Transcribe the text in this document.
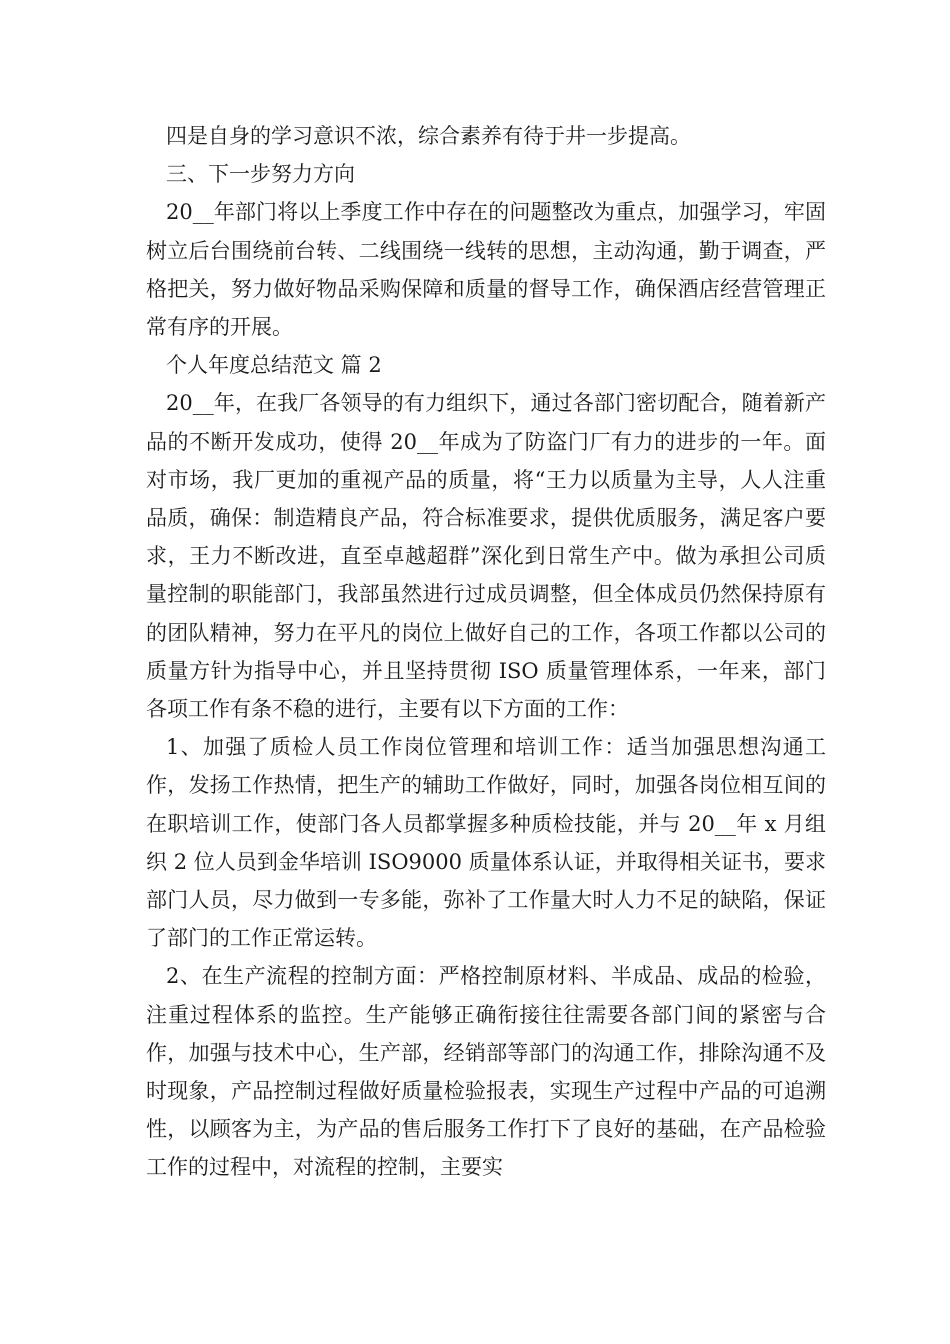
四是自身的学习意识不浓，综合素养有待于井一步提高。

三、下一步努力方向

20__年部门将以上季度工作中存在的问题整改为重点，加强学习，牢固树立后台围绕前台转、二线围绕一线转的思想，主动沟通，勤于调查，严格把关，努力做好物品采购保障和质量的督导工作，确保酒店经营管理正常有序的开展。

个人年度总结范文 篇 2

20__年，在我厂各领导的有力组织下，通过各部门密切配合，随着新产品的不断开发成功，使得 20__年成为了防盗门厂有力的进步的一年。面对市场，我厂更加的重视产品的质量，将“王力以质量为主导，人人注重品质，确保：制造精良产品，符合标准要求，提供优质服务，满足客户要求，王力不断改进，直至卓越超群”深化到日常生产中。做为承担公司质量控制的职能部门，我部虽然进行过成员调整，但全体成员仍然保持原有的团队精神，努力在平凡的岗位上做好自己的工作，各项工作都以公司的质量方针为指导中心，并且坚持贯彻 ISO 质量管理体系，一年来，部门各项工作有条不稳的进行，主要有以下方面的工作：

1、加强了质检人员工作岗位管理和培训工作：适当加强思想沟通工作，发扬工作热情，把生产的辅助工作做好，同时，加强各岗位相互间的在职培训工作，使部门各人员都掌握多种质检技能，并与 20__年 x 月组织 2 位人员到金华培训 ISO9000 质量体系认证，并取得相关证书，要求部门人员，尽力做到一专多能，弥补了工作量大时人力不足的缺陷，保证了部门的工作正常运转。

2、在生产流程的控制方面：严格控制原材料、半成品、成品的检验，注重过程体系的监控。生产能够正确衔接往往需要各部门间的紧密与合作，加强与技术中心，生产部，经销部等部门的沟通工作，排除沟通不及时现象，产品控制过程做好质量检验报表，实现生产过程中产品的可追溯性，以顾客为主，为产品的售后服务工作打下了良好的基础，在产品检验工作的过程中，对流程的控制，主要实
